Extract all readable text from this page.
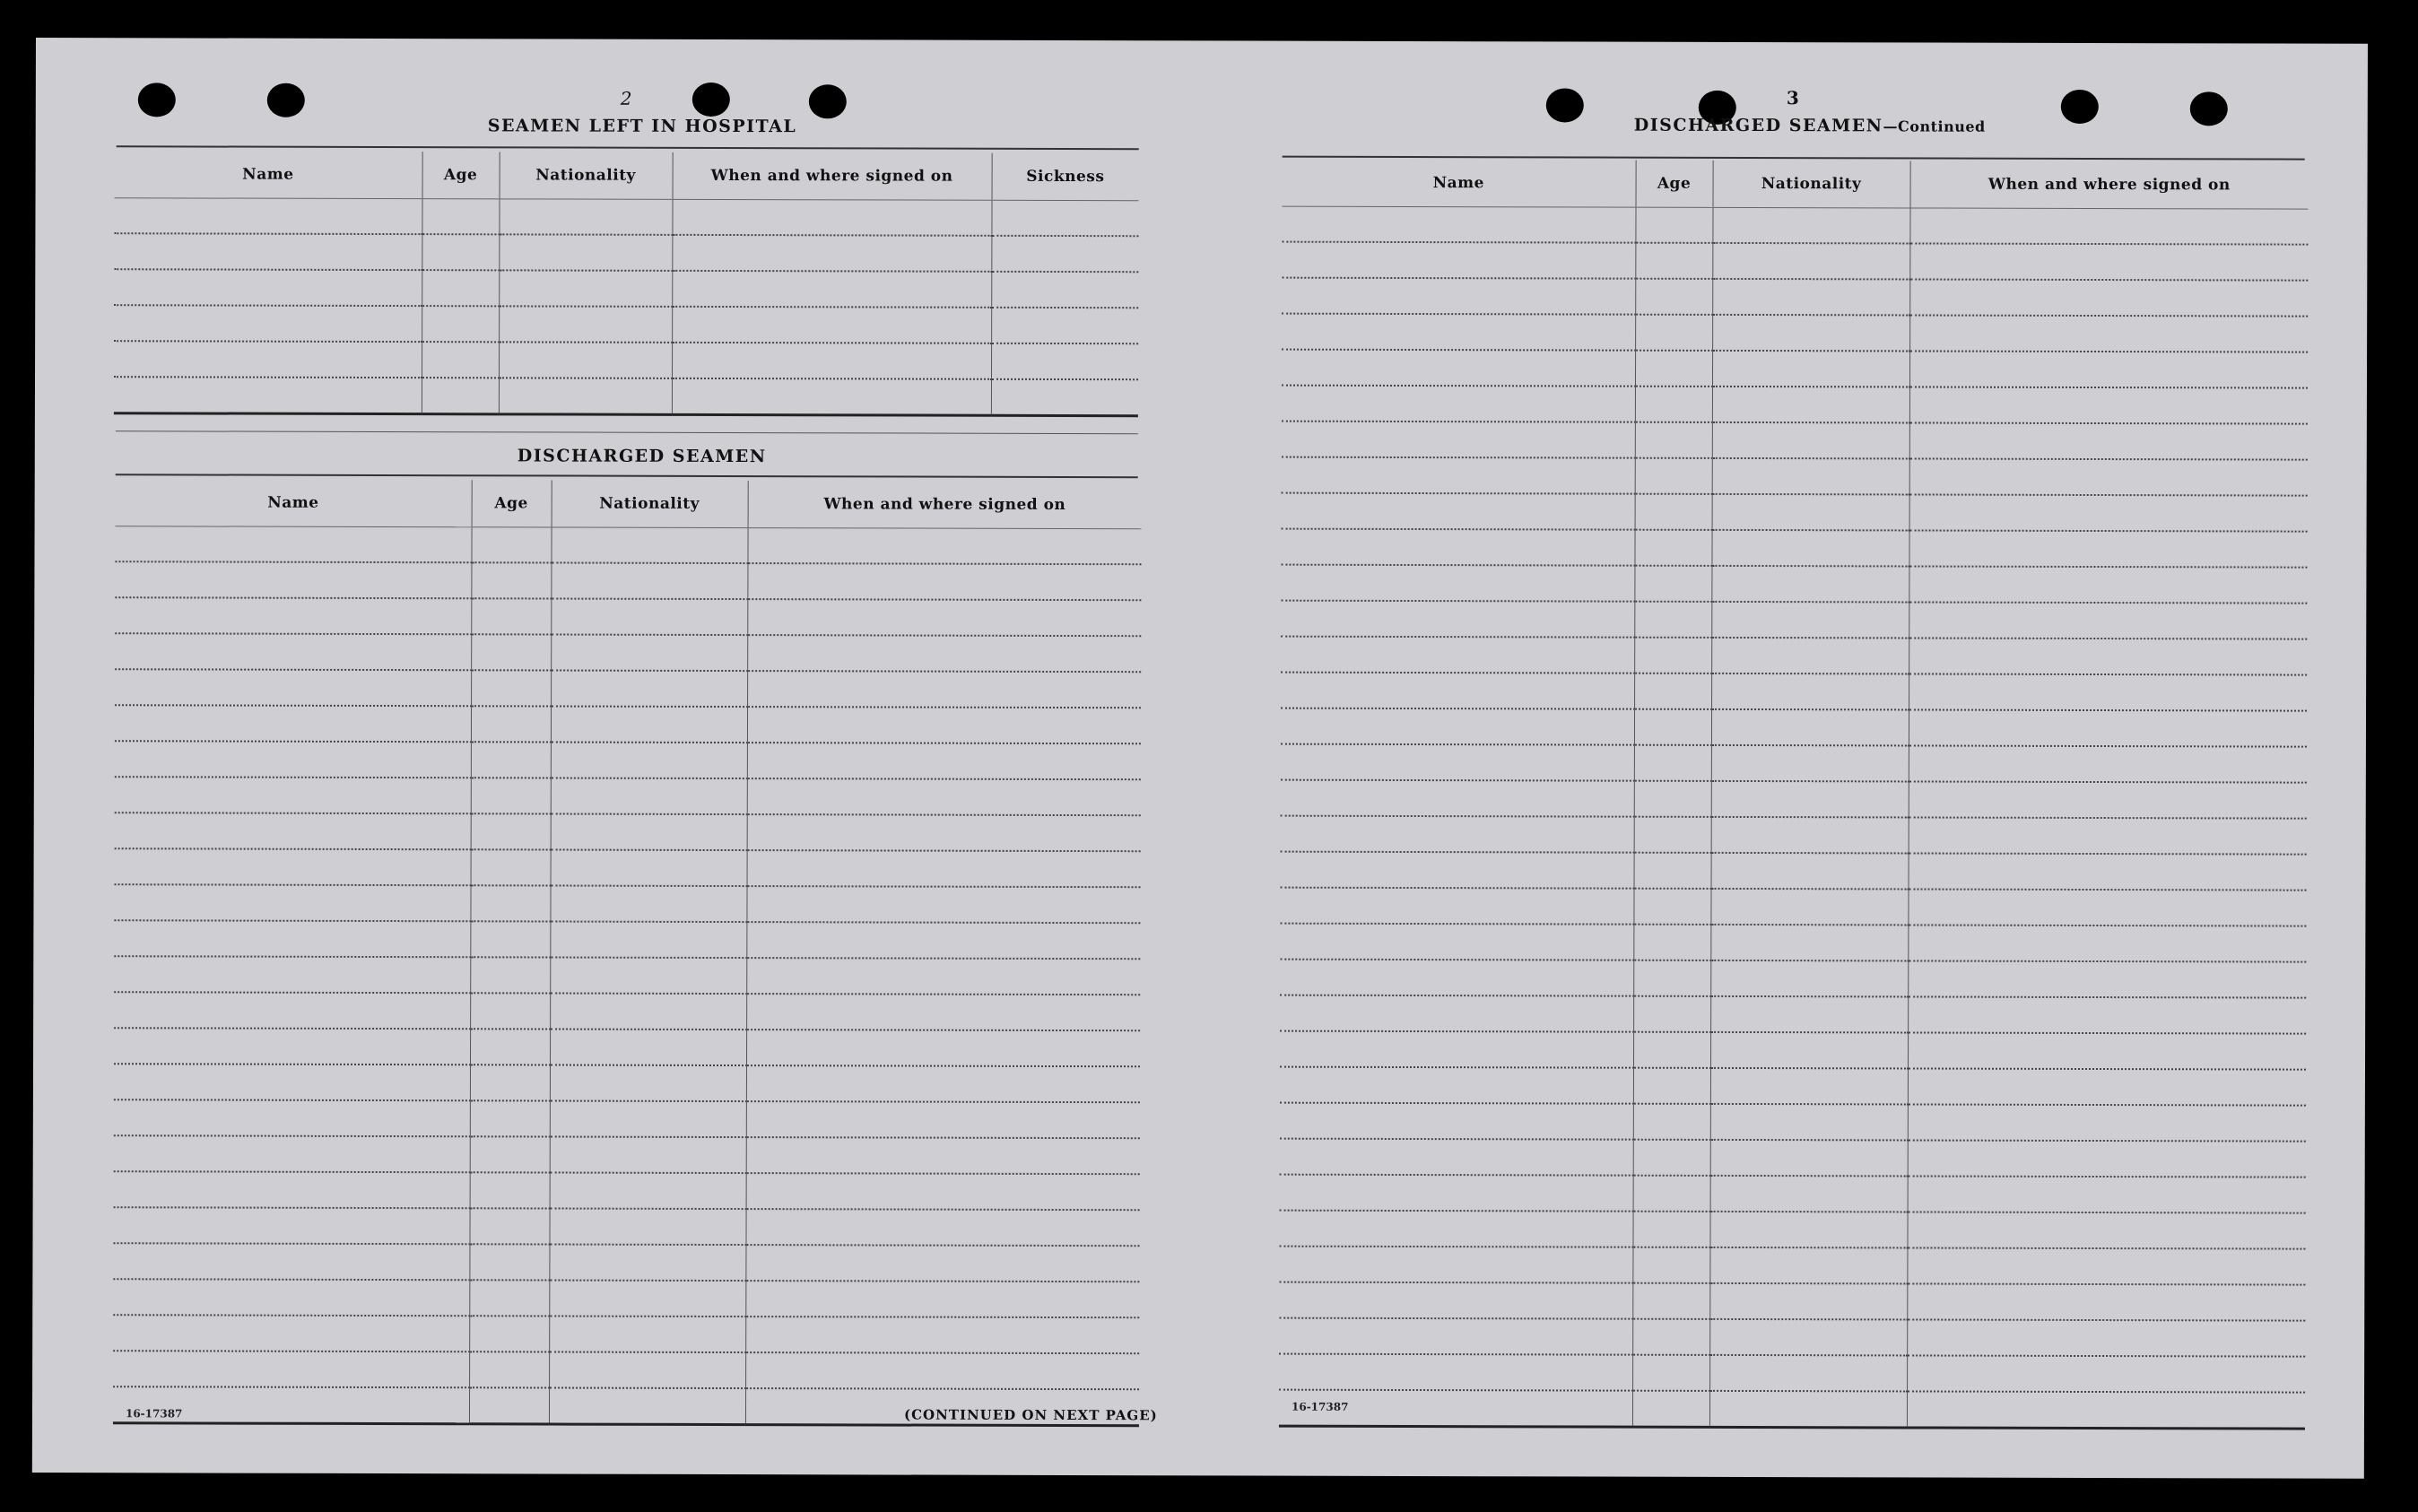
2
SEAMEN LEFT IN HOSPITAL
Name	Age	Nationality	When and where signed on	Sickness

DISCHARGED SEAMEN
Name	Age	Nationality	When and where signed on

16-17387	(CONTINUED ON NEXT PAGE)
3
DISCHARGED SEAMEN—Continued
Name	Age	Nationality	When and where signed on

16-17387
